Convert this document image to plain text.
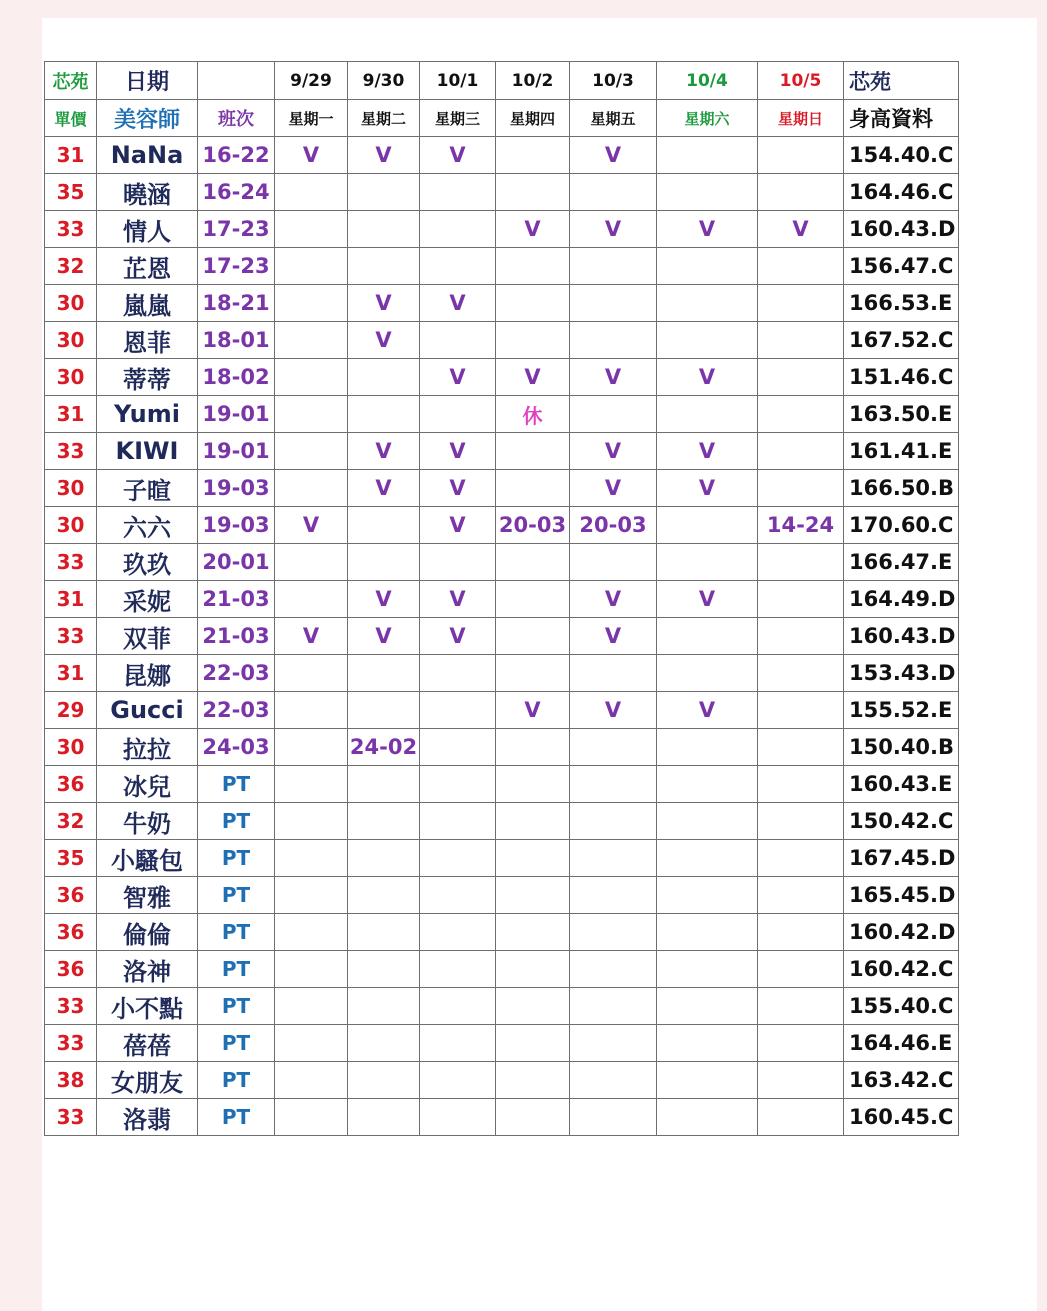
芯苑	日期		9/29	9/30	10/1	10/2	10/3	10/4	10/5	芯苑
單價	美容師	班次	星期一	星期二	星期三	星期四	星期五	星期六	星期日	身高資料
31	NaNa	16-22	V	V	V		V			154.40.C
35	曉涵	16-24								164.46.C
33	情人	17-23				V	V	V	V	160.43.D
32	芷恩	17-23								156.47.C
30	嵐嵐	18-21		V	V					166.53.E
30	恩菲	18-01		V						167.52.C
30	蒂蒂	18-02			V	V	V	V		151.46.C
31	Yumi	19-01				休				163.50.E
33	KIWI	19-01		V	V		V	V		161.41.E
30	子暄	19-03		V	V		V	V		166.50.B
30	六六	19-03	V		V	20-03	20-03		14-24	170.60.C
33	玖玖	20-01								166.47.E
31	采妮	21-03		V	V		V	V		164.49.D
33	双菲	21-03	V	V	V		V			160.43.D
31	昆娜	22-03								153.43.D
29	Gucci	22-03				V	V	V		155.52.E
30	拉拉	24-03		24-02						150.40.B
36	冰兒	PT								160.43.E
32	牛奶	PT								150.42.C
35	小騷包	PT								167.45.D
36	智雅	PT								165.45.D
36	倫倫	PT								160.42.D
36	洛神	PT								160.42.C
33	小不點	PT								155.40.C
33	蓓蓓	PT								164.46.E
38	女朋友	PT								163.42.C
33	洛翡	PT								160.45.C
